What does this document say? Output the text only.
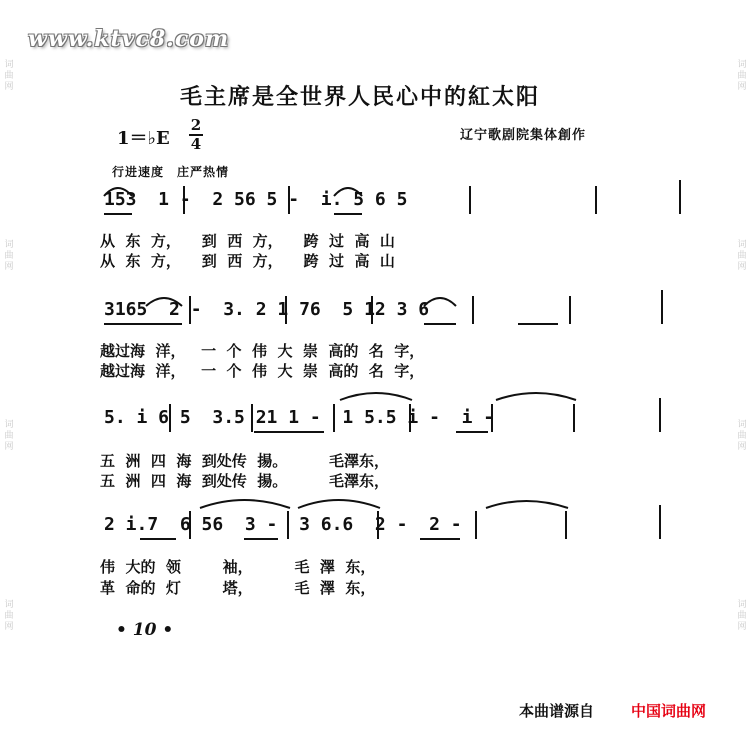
www.ktvc8.com
词 曲 网
词 曲 网
词 曲 网
词 曲 网
词 曲 网
词 曲 网
词 曲 网
词 曲 网
毛主席是全世界人民心中的紅太阳
1＝♭E
2
4	辽宁歌剧院集体創作
行进速度　庄严热情
153  1 -  2 56 5 -  i. 5 6 5
从  东  方，    到  西  方，    跨  过  高  山
从  东  方，    到  西  方，    跨  过  高  山
3165  2 -  3. 2 1 76  5 12 3 6
越过海  洋，   一  个  伟  大  崇  高的  名  字，
越过海  洋，   一  个  伟  大  崇  高的  名  字，
5. i 6 5  3.5 21 1 -  1 5.5 i -  i -
五  洲  四  海  到处传  揚。        毛澤东，
五  洲  四  海  到处传  揚。        毛澤东，
2 i.7  6 56  3 -  3 6.6  2 -  2 -
伟  大的  领        袖，        毛  澤  东，
革  命的  灯        塔，        毛  澤  东，
• 10 •
本曲谱源自 中国词曲网
